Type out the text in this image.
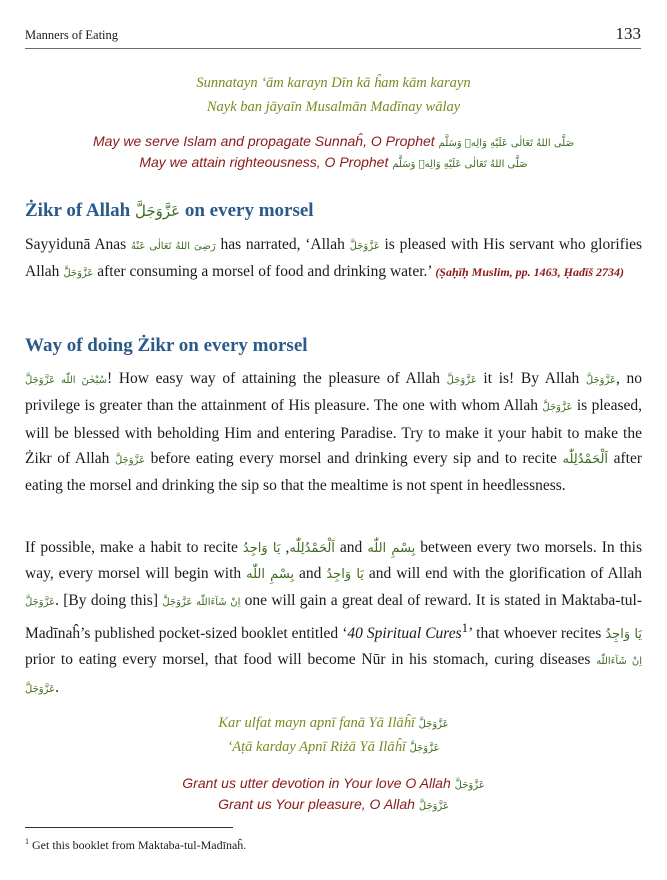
Manners of Eating	133
Sunnatayn ‘ām karayn Dīn kā ĥam kām karayn
Nayk ban jāyaīn Musalmān Madīnay wālay
May we serve Islam and propagate Sunnaĥ, O Prophet صَلَّى اللهُ تَعَالٰى عَلَيْهِ وَالِهٖ وَسَلَّم
May we attain righteousness, O Prophet صَلَّى اللهُ تَعَالٰى عَلَيْهِ وَالِهٖ وَسَلَّم
Żikr of Allah عَزَّوَجَلَّ on every morsel

Sayyidunā Anas رَضِىَ اللهُ تَعَالٰى عَنْهُ has narrated, ‘Allah عَزَّوَجَلَّ is pleased with His servant who glorifies Allah عَزَّوَجَلَّ after consuming a morsel of food and drinking water.’ (Ṣaḥīḥ Muslim, pp. 1463, Ḥadīš 2734)

Way of doing Żikr on every morsel

سُبْحٰنَ اللّٰه عَزَّوَجَلَّ! How easy way of attaining the pleasure of Allah عَزَّوَجَلَّ it is! By Allah عَزَّوَجَلَّ, no privilege is greater than the attainment of His pleasure. The one with whom Allah عَزَّوَجَلَّ is pleased, will be blessed with beholding Him and entering Paradise. Try to make it your habit to make the Żikr of Allah عَزَّوَجَلَّ before eating every morsel and drinking every sip and to recite اَلْحَمْدُلِلّٰه after eating the morsel and drinking the sip so that the mealtime is not spent in heedlessness.

If possible, make a habit to recite	اَلْحَمْدُلِلّٰه, يَا وَاجِدُ	and بِسْمِ اللّٰه between every two morsels. In this way, every morsel will begin with بِسْمِ اللّٰه and يَا وَاجِدُ and will end with the glorification of Allah عَزَّوَجَلَّ. [By doing this] اِنْ شَآءَاللّٰه عَزَّوَجَلَّ one will gain a great deal of reward. It is stated in Maktaba-tul-Madīnaĥ’s published pocket-sized booklet entitled ‘40 Spiritual Cures$^1$’ that whoever recites يَا وَاجِدُ prior to eating every morsel, that food will become Nūr in his stomach, curing diseases اِنْ شَآءَاللّٰه عَزَّوَجَلَّ.

Kar ulfat mayn apnī fanā Yā Ilāĥī عَزَّوَجَلَّ
‘Aṭā karday Apnī Riżā Yā Ilāĥī عَزَّوَجَلَّ
Grant us utter devotion in Your love O Allah عَزَّوَجَلَّ
Grant us Your pleasure, O Allah عَزَّوَجَلَّ
$^1$ Get this booklet from Maktaba-tul-Madīnaĥ.
